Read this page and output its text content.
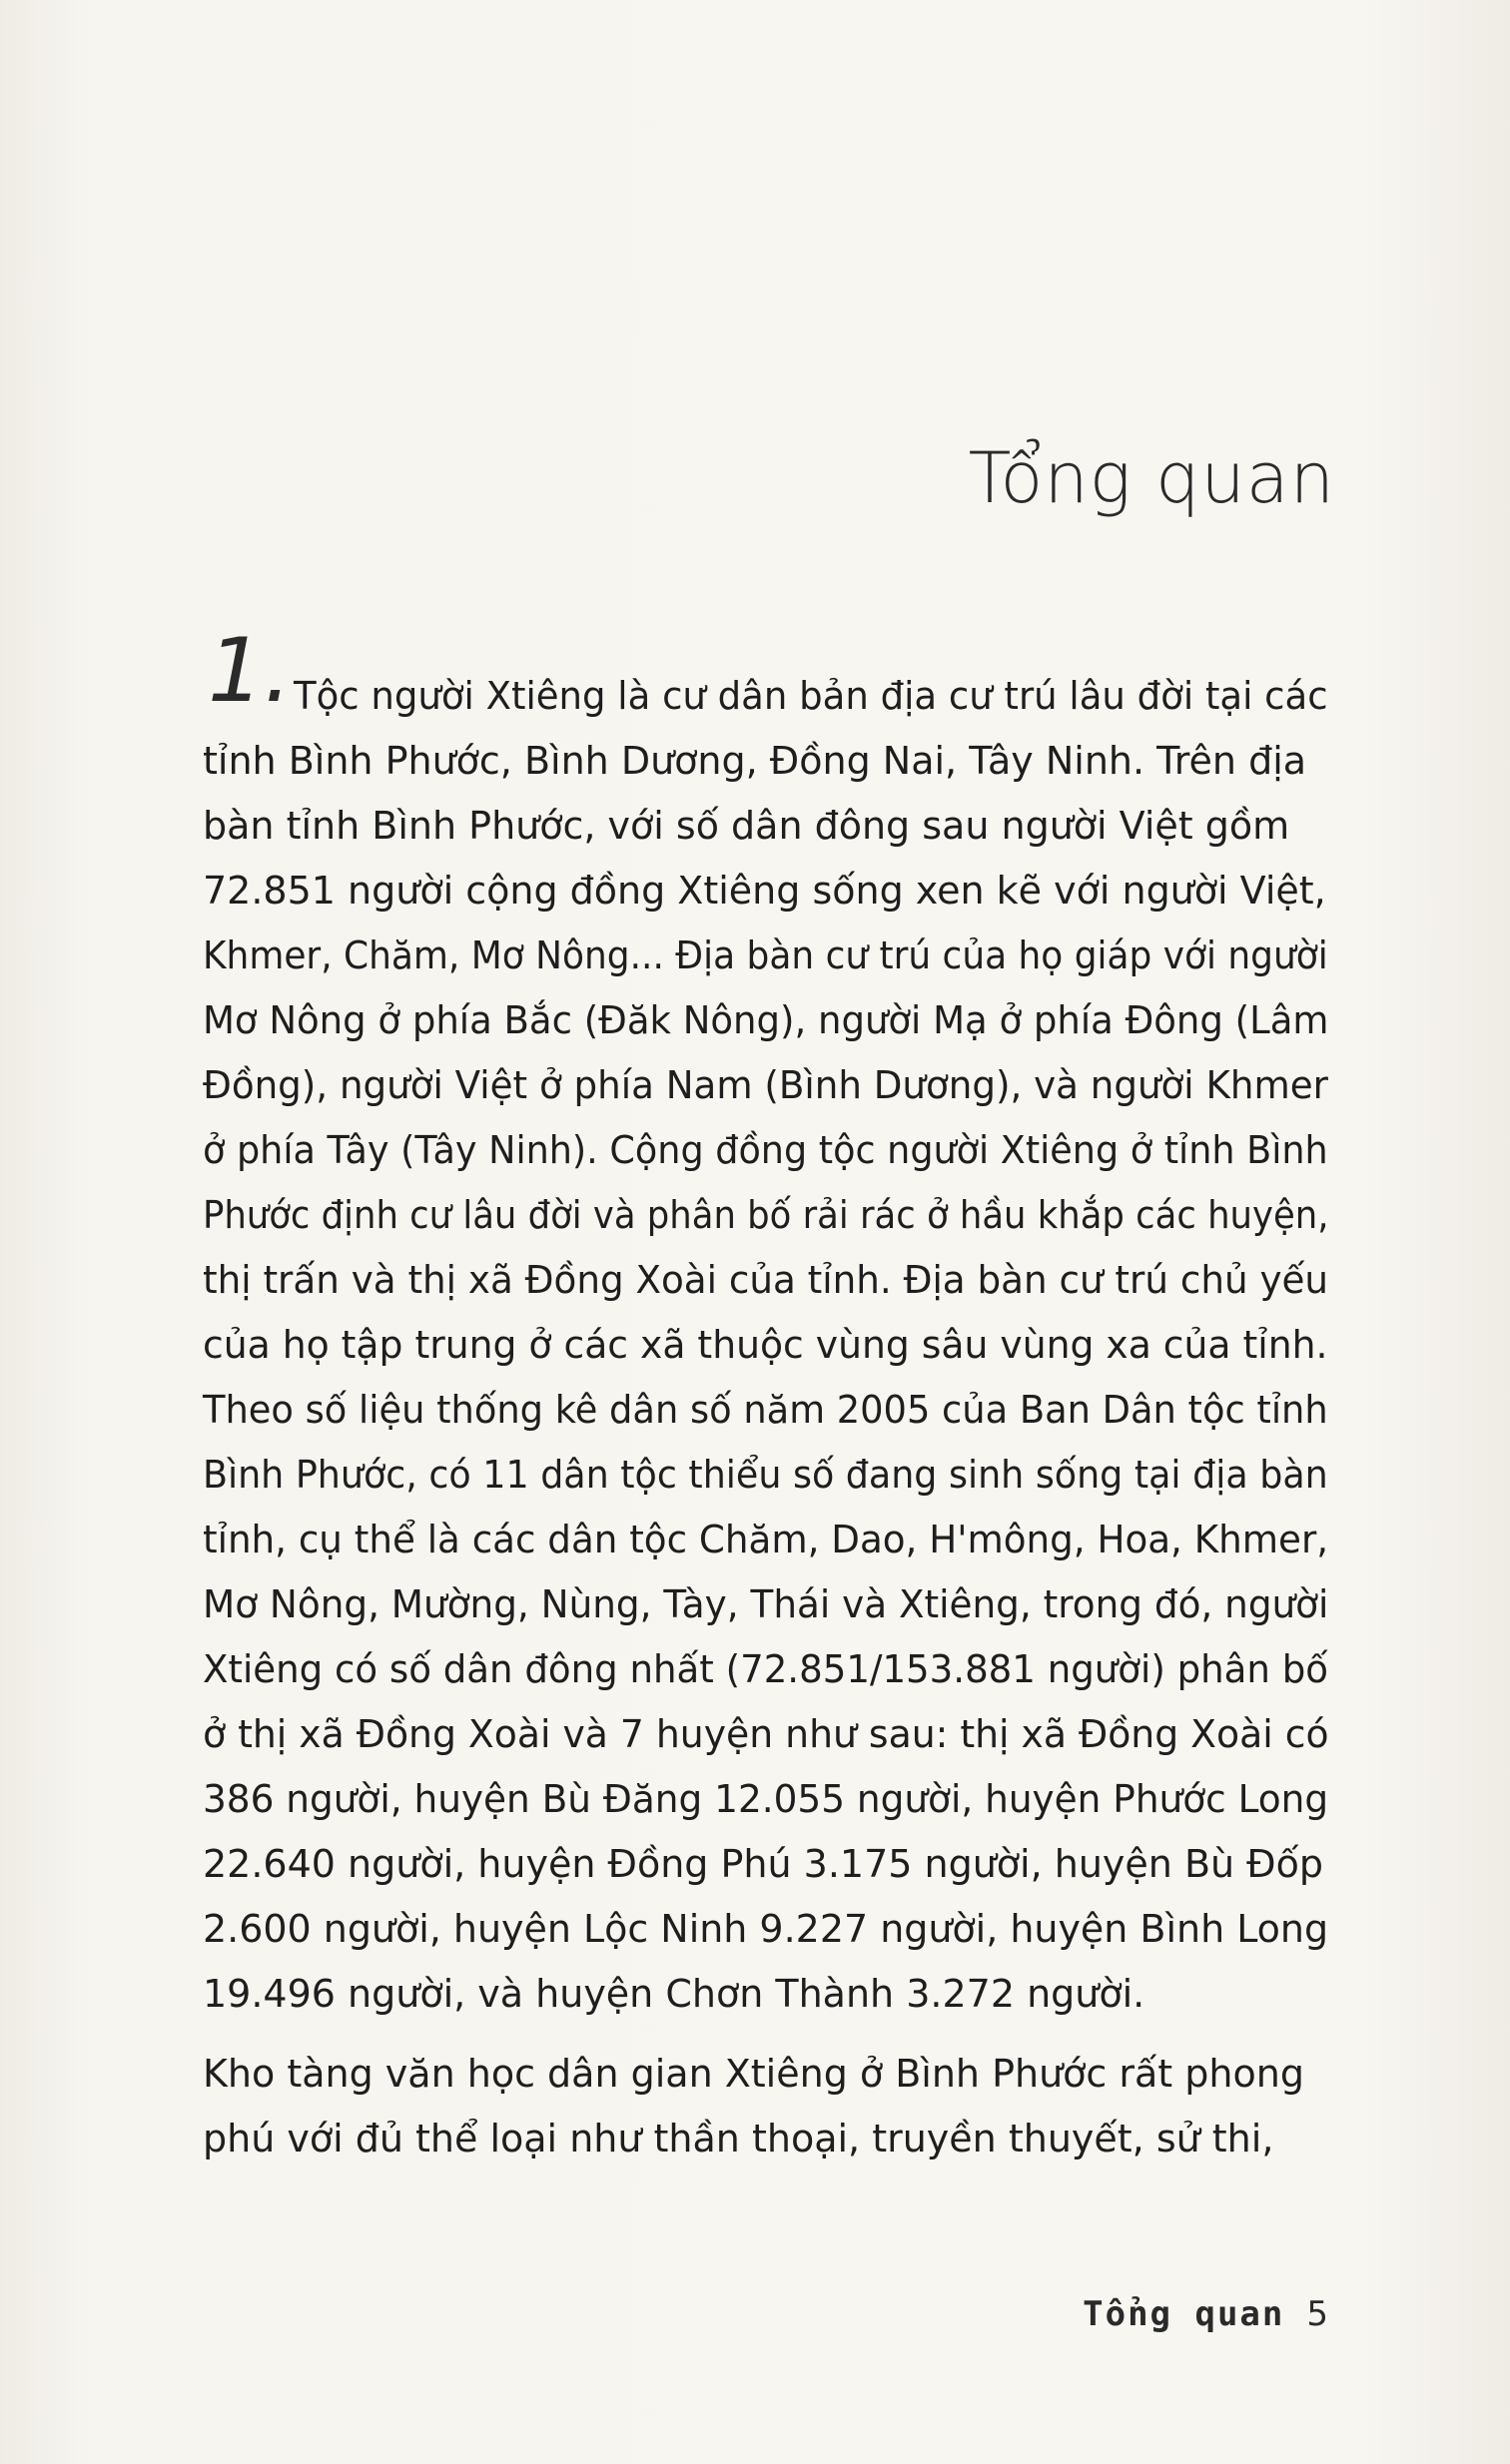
Tổng quan
1. Tộc người Xtiêng là cư dân bản địa cư trú lâu đời tại các
tỉnh Bình Phước, Bình Dương, Đồng Nai, Tây Ninh. Trên địa
bàn tỉnh Bình Phước, với số dân đông sau người Việt gồm
72.851 người cộng đồng Xtiêng sống xen kẽ với người Việt,
Khmer, Chăm, Mơ Nông... Địa bàn cư trú của họ giáp với người
Mơ Nông ở phía Bắc (Đăk Nông), người Mạ ở phía Đông (Lâm
Đồng), người Việt ở phía Nam (Bình Dương), và người Khmer
ở phía Tây (Tây Ninh). Cộng đồng tộc người Xtiêng ở tỉnh Bình
Phước định cư lâu đời và phân bố rải rác ở hầu khắp các huyện,
thị trấn và thị xã Đồng Xoài của tỉnh. Địa bàn cư trú chủ yếu
của họ tập trung ở các xã thuộc vùng sâu vùng xa của tỉnh.
Theo số liệu thống kê dân số năm 2005 của Ban Dân tộc tỉnh
Bình Phước, có 11 dân tộc thiểu số đang sinh sống tại địa bàn
tỉnh, cụ thể là các dân tộc Chăm, Dao, H'mông, Hoa, Khmer,
Mơ Nông, Mường, Nùng, Tày, Thái và Xtiêng, trong đó, người
Xtiêng có số dân đông nhất (72.851/153.881 người) phân bố
ở thị xã Đồng Xoài và 7 huyện như sau: thị xã Đồng Xoài có
386 người, huyện Bù Đăng 12.055 người, huyện Phước Long
22.640 người, huyện Đồng Phú 3.175 người, huyện Bù Đốp
2.600 người, huyện Lộc Ninh 9.227 người, huyện Bình Long
19.496 người, và huyện Chơn Thành 3.272 người.
Kho tàng văn học dân gian Xtiêng ở Bình Phước rất phong
phú với đủ thể loại như thần thoại, truyền thuyết, sử thi,
Tổng quan 5
